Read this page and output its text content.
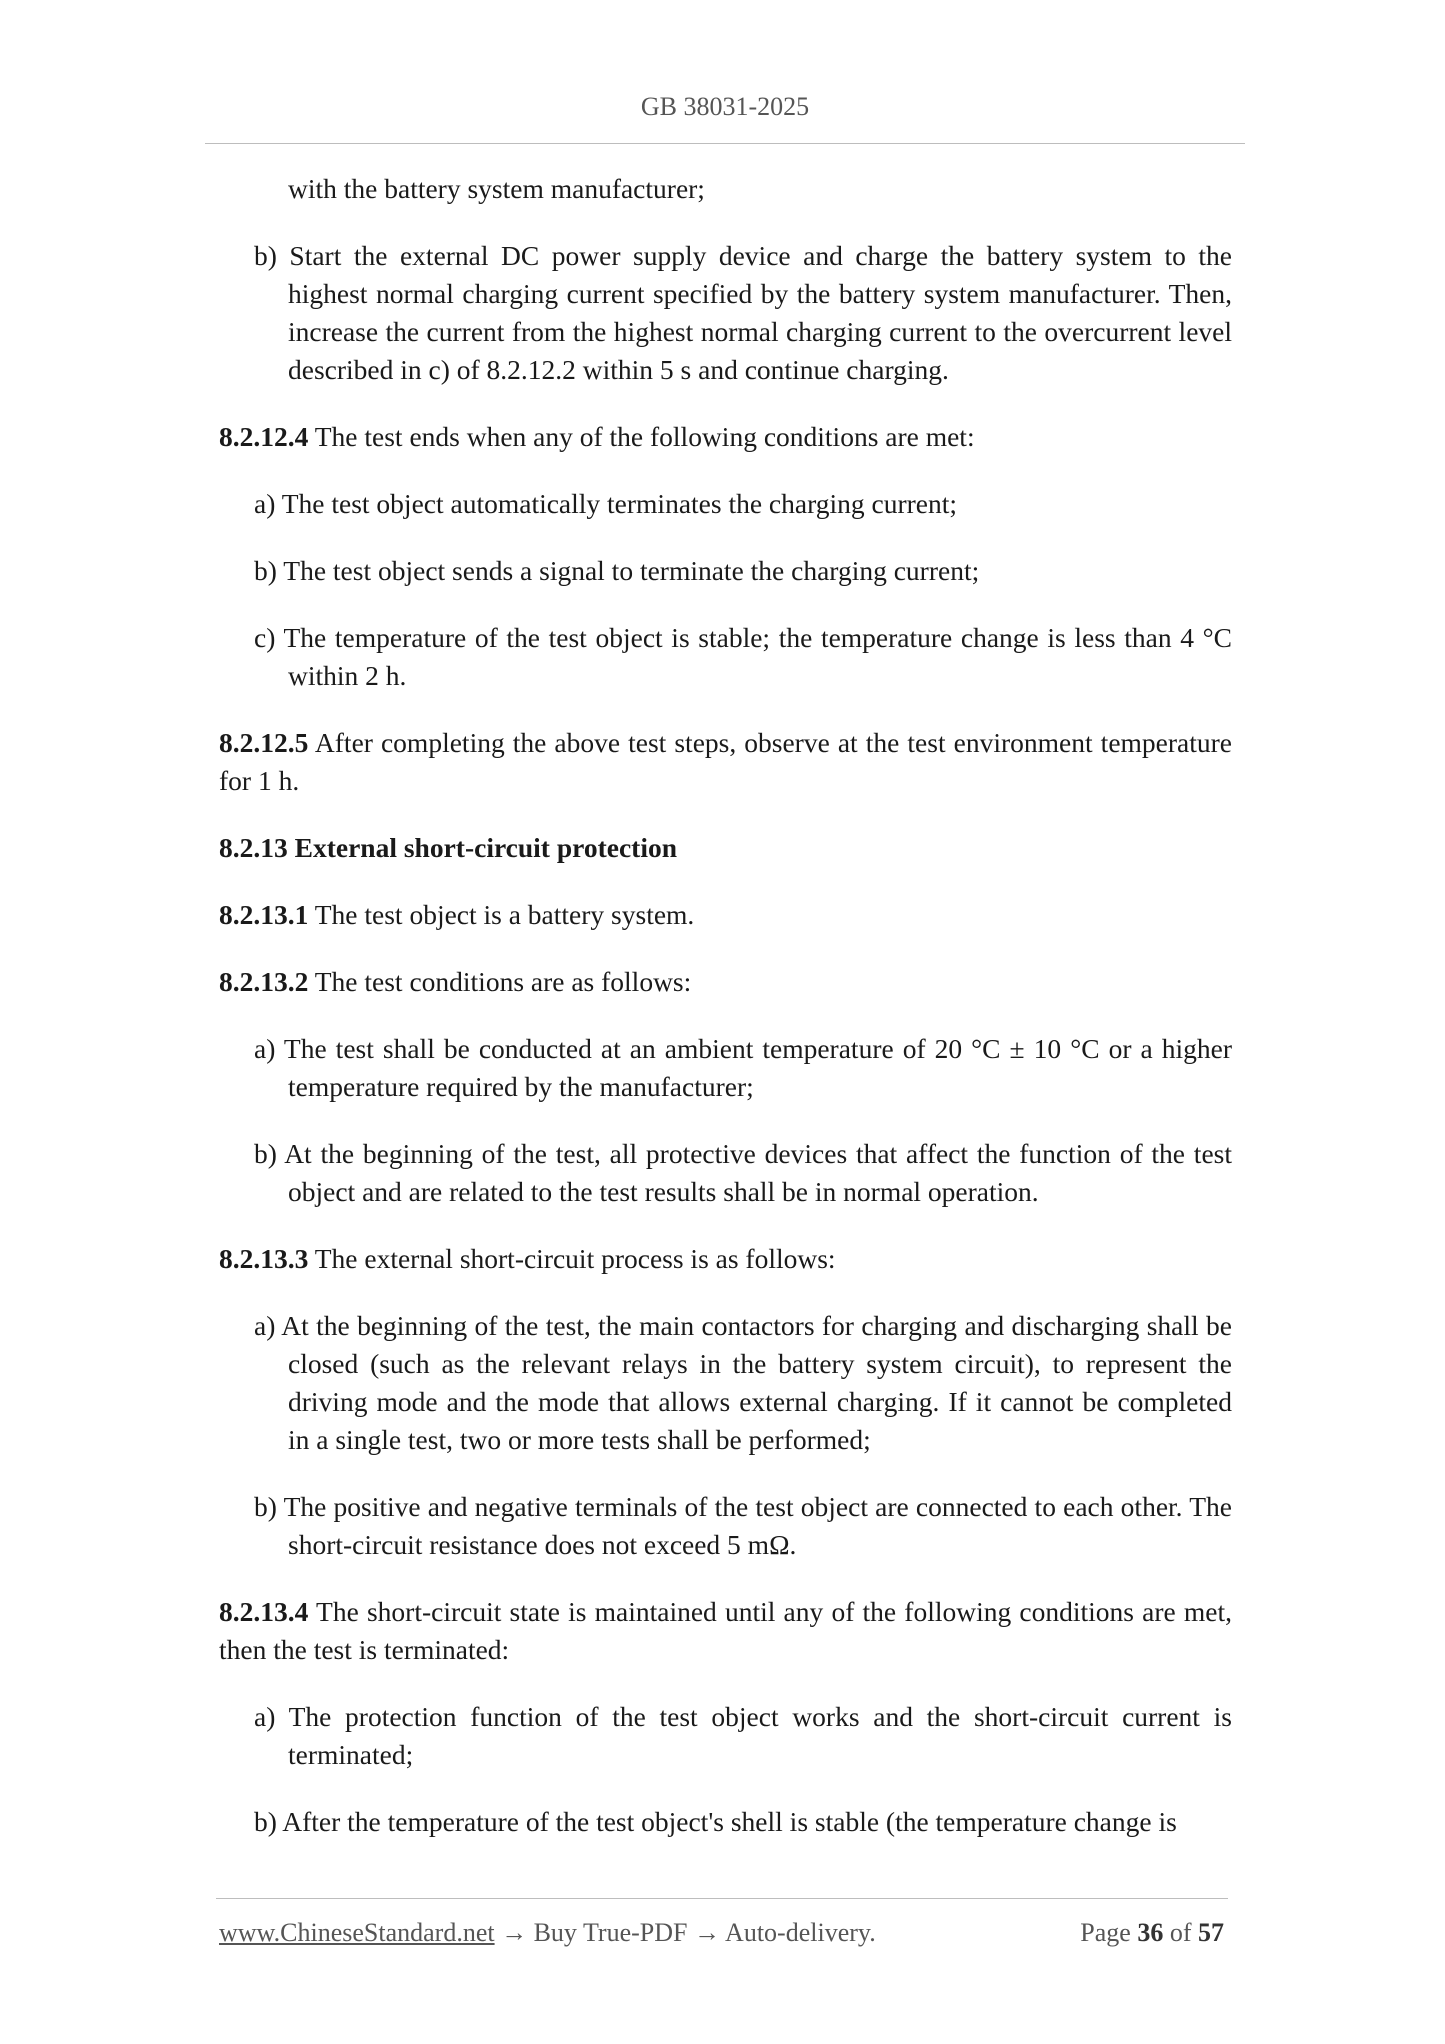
GB 38031-2025

with the battery system manufacturer;

b) Start the external DC power supply device and charge the battery system to the highest normal charging current specified by the battery system manufacturer. Then, increase the current from the highest normal charging current to the overcurrent level described in c) of 8.2.12.2 within 5 s and continue charging.

8.2.12.4 The test ends when any of the following conditions are met:

a) The test object automatically terminates the charging current;

b) The test object sends a signal to terminate the charging current;

c) The temperature of the test object is stable; the temperature change is less than 4 °C within 2 h.

8.2.12.5 After completing the above test steps, observe at the test environment temperature for 1 h.

8.2.13 External short-circuit protection

8.2.13.1 The test object is a battery system.

8.2.13.2 The test conditions are as follows:

a) The test shall be conducted at an ambient temperature of 20 °C ± 10 °C or a higher temperature required by the manufacturer;

b) At the beginning of the test, all protective devices that affect the function of the test object and are related to the test results shall be in normal operation.

8.2.13.3 The external short-circuit process is as follows:

a) At the beginning of the test, the main contactors for charging and discharging shall be closed (such as the relevant relays in the battery system circuit), to represent the driving mode and the mode that allows external charging. If it cannot be completed in a single test, two or more tests shall be performed;

b) The positive and negative terminals of the test object are connected to each other. The short-circuit resistance does not exceed 5 mΩ.

8.2.13.4 The short-circuit state is maintained until any of the following conditions are met, then the test is terminated:

a) The protection function of the test object works and the short-circuit current is terminated;

b) After the temperature of the test object's shell is stable (the temperature change is

www.ChineseStandard.net → Buy True-PDF → Auto-delivery.	Page 36 of 57
